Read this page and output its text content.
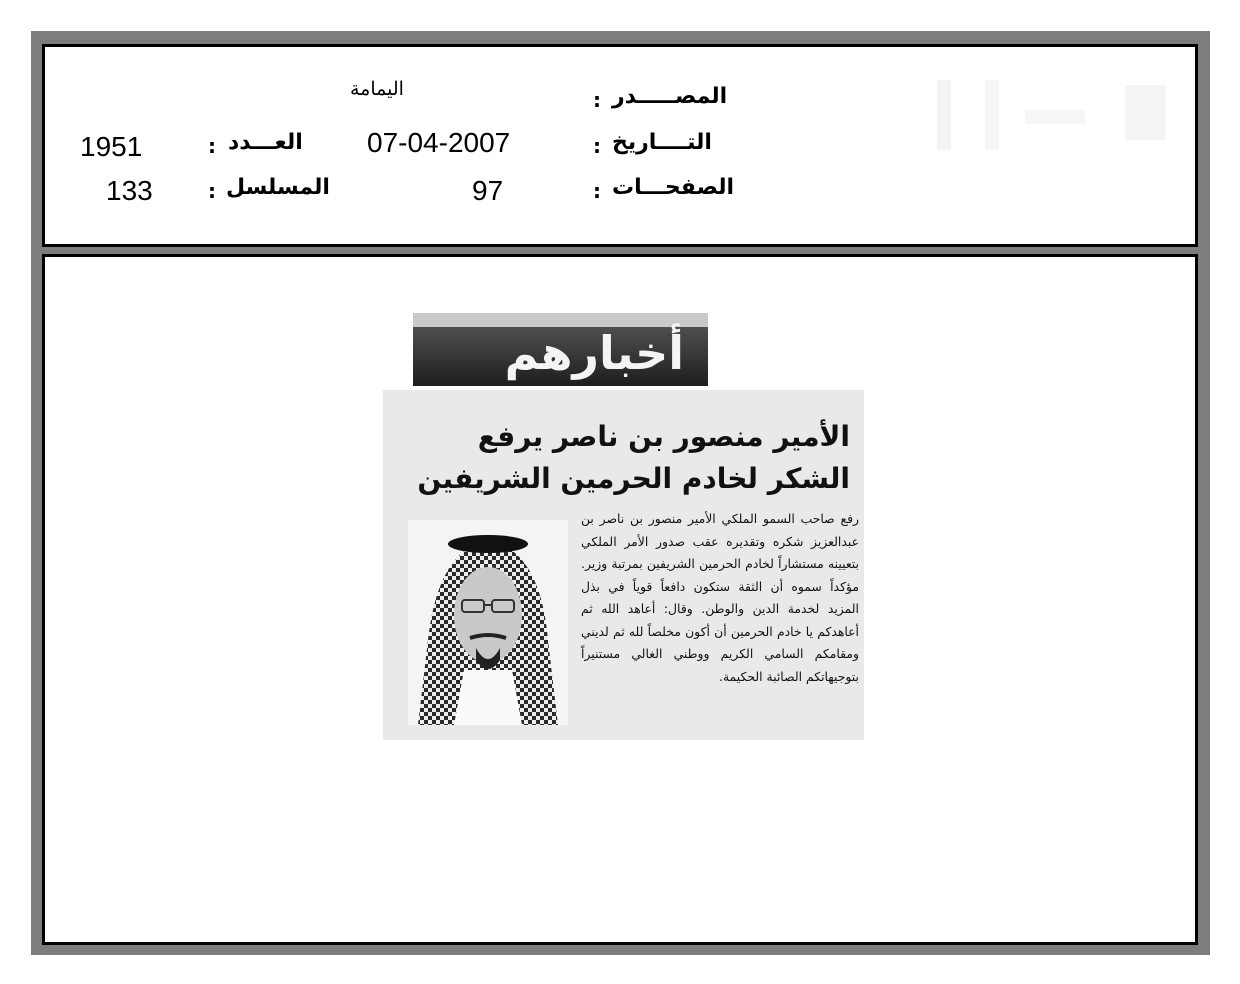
المصـــــدر
:
اليمامة
التــــاريخ
:
07-04-2007
الصفحـــات
:
97
العـــدد
:
1951
المسلسل
:
133
أخبارهم
الأمير منصور بن ناصر يرفع
الشكر لخادم الحرمين الشريفين
رفع صاحب السمو الملكي الأمير منصور بن ناصر بن عبدالعزيز شكره وتقديره عقب صدور الأمر الملكي بتعيينه مستشاراً لخادم الحرمين الشريفين بمرتبة وزير. مؤكداً سموه أن الثقة ستكون دافعاً قوياً في بذل المزيد لخدمة الدين والوطن. وقال: أعاهد الله ثم أعاهدكم يا خادم الحرمين أن أكون مخلصاً لله ثم لديني ومقامكم السامي الكريم ووطني الغالي مستنيراً بتوجيهاتكم الصائبة الحكيمة.
